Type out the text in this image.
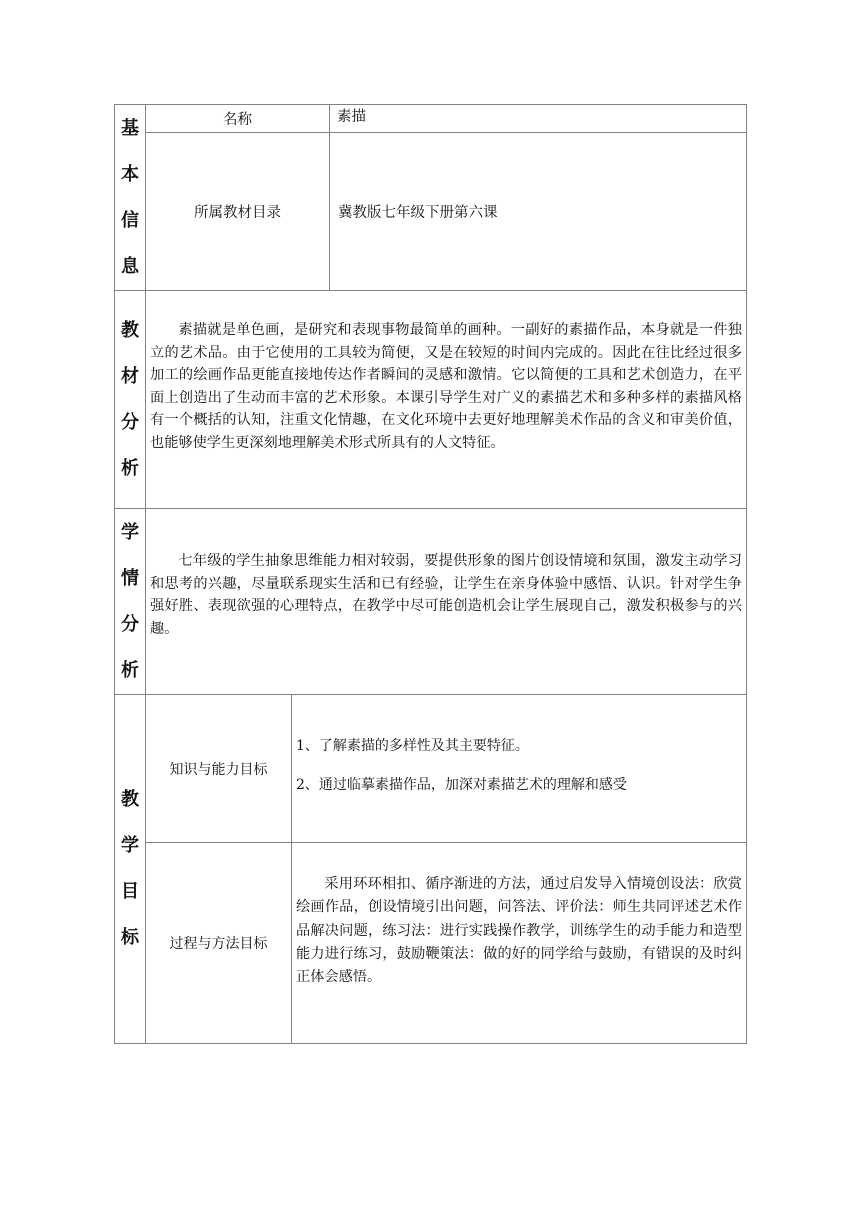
基
本
信
息
名称	素描
所属教材目录	冀教版七年级下册第六课
教
材
分
析
素描就是单色画，是研究和表现事物最简单的画种。一副好的素描作品，本身就是一件独立的艺术品。由于它使用的工具较为简便，又是在较短的时间内完成的。因此在往比经过很多加工的绘画作品更能直接地传达作者瞬间的灵感和激情。它以简便的工具和艺术创造力，在平面上创造出了生动而丰富的艺术形象。本课引导学生对广义的素描艺术和多种多样的素描风格有一个概括的认知，注重文化情趣，在文化环境中去更好地理解美术作品的含义和审美价值，也能够使学生更深刻地理解美术形式所具有的人文特征。
学
情
分
析
七年级的学生抽象思维能力相对较弱，要提供形象的图片创设情境和氛围，激发主动学习和思考的兴趣，尽量联系现实生活和已有经验，让学生在亲身体验中感悟、认识。针对学生争强好胜、表现欲强的心理特点，在教学中尽可能创造机会让学生展现自己，激发积极参与的兴趣。
教
学
目
标
知识与能力目标

1、了解素描的多样性及其主要特征。

2、通过临摹素描作品，加深对素描艺术的理解和感受

过程与方法目标
采用环环相扣、循序渐进的方法，通过启发导入情境创设法：欣赏绘画作品，创设情境引出问题，问答法、评价法：师生共同评述艺术作品解决问题，练习法：进行实践操作教学，训练学生的动手能力和造型能力进行练习，鼓励鞭策法：做的好的同学给与鼓励，有错误的及时纠正体会感悟。
